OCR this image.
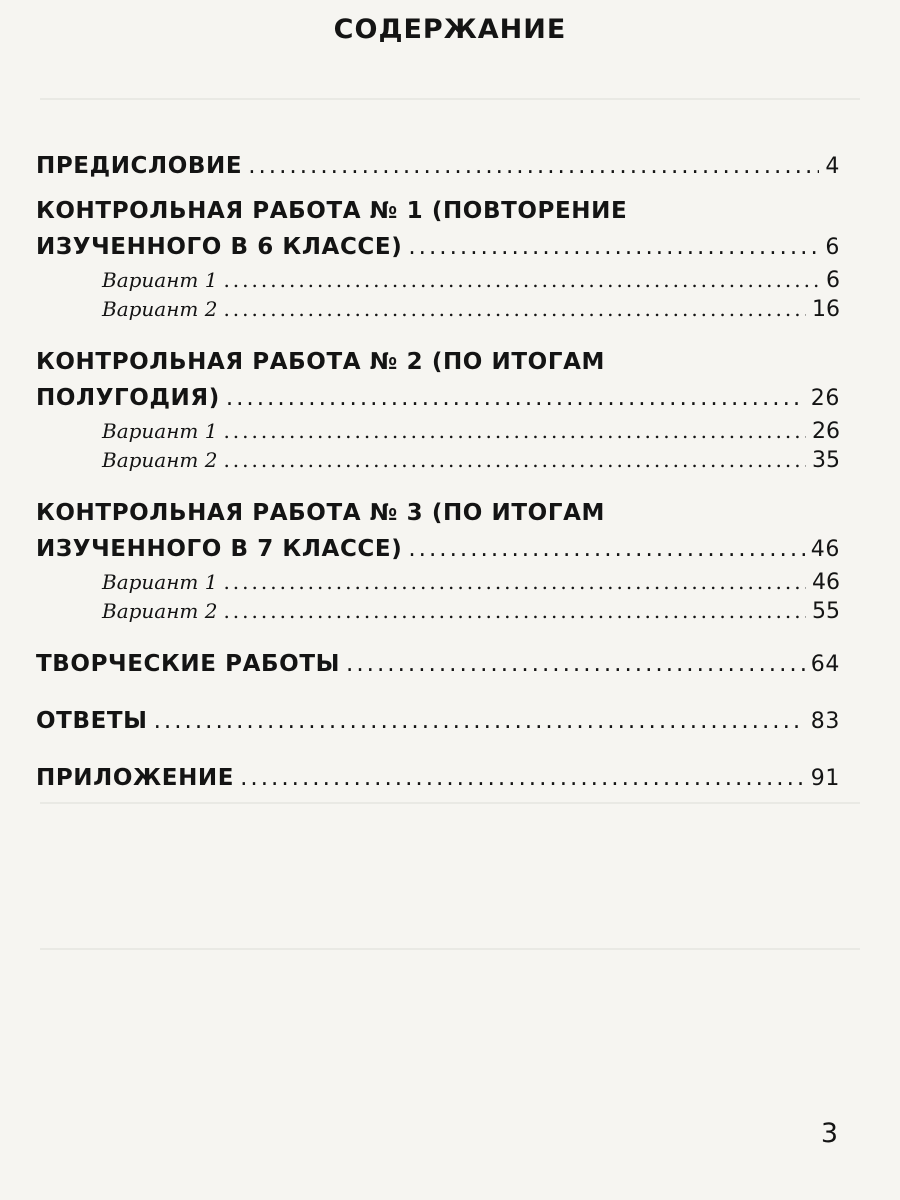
СОДЕРЖАНИЕ
ПРЕДИСЛОВИЕ .....	4
КОНТРОЛЬНАЯ РАБОТА № 1 (ПОВТОРЕНИЕ
ИЗУЧЕННОГО В 6 КЛАССЕ) .....	6
Вариант 1 .....	6
Вариант 2 .....	16
КОНТРОЛЬНАЯ РАБОТА № 2 (ПО ИТОГАМ
ПОЛУГОДИЯ) .....	26
Вариант 1 .....	26
Вариант 2 .....	35
КОНТРОЛЬНАЯ РАБОТА № 3 (ПО ИТОГАМ
ИЗУЧЕННОГО В 7 КЛАССЕ) .....	46
Вариант 1 .....	46
Вариант 2 .....	55
ТВОРЧЕСКИЕ РАБОТЫ .....	64
ОТВЕТЫ .....	83
ПРИЛОЖЕНИЕ .....	91
3
